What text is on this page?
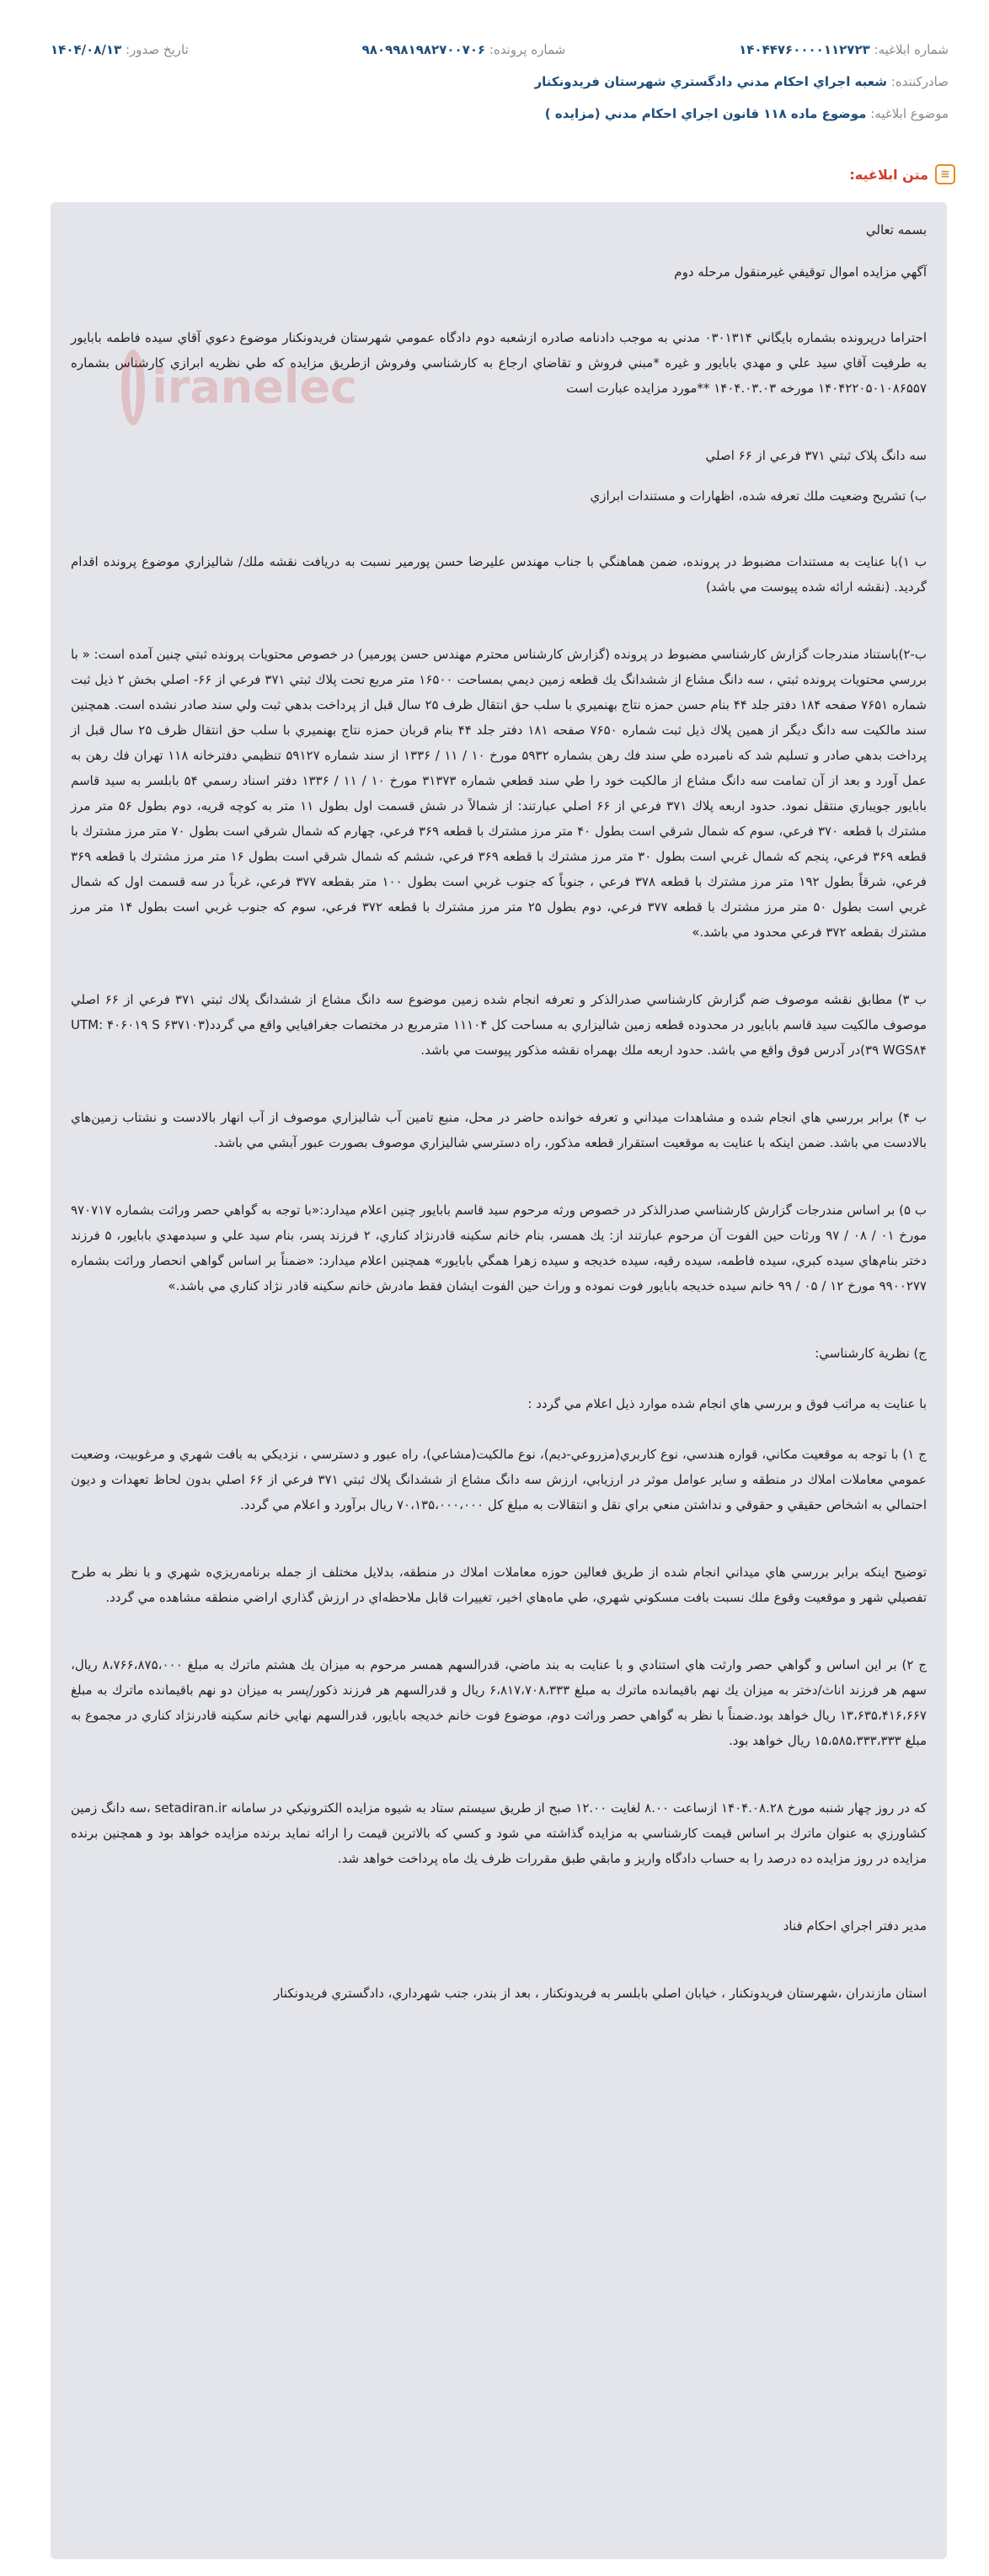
شماره ابلاغيه: ۱۴۰۴۴۷۶۰۰۰۰۱۱۲۷۲۳
شماره پرونده: ۹۸۰۹۹۸۱۹۸۲۷۰۰۷۰۶
تاريخ صدور: ۱۴۰۴/۰۸/۱۳
صادرکننده:

شعبه اجراي احکام مدني دادگستري شهرستان فريدونكنار
موضوع ابلاغيه:

موضوع ماده ۱۱۸ قانون اجراي احکام مدني (مزايده )
≡
متن ابلاغيه:
iranelec

بسمه تعالي

آگهي مزايده اموال توقيفي غيرمنقول مرحله دوم

احتراما درپرونده بشماره بايگاني ۰۳۰۱۳۱۴ مدني به موجب دادنامه صادره ازشعبه دوم دادگاه عمومي شهرستان فريدونكنار موضوع دعوي آقاي سيده فاطمه بابايور به طرفيت آقاي سيد علي و مهدي بابايور و غيره *مبني فروش و تقاضاي ارجاع به کارشناسي وفروش ازطريق مزايده که طي نظريه ابرازي کارشناس بشماره ۱۴۰۴۲۲۰۵۰۱۰۸۶۵۵۷ مورخه ۱۴۰۴.۰۳.۰۳ **مورد مزايده عبارت است

سه دانگ پلاک ثبتي ۳۷۱ فرعي از ۶۶ اصلي

ب) تشريح وضعيت ملك تعرفه شده، اظهارات و مستندات ابرازي

ب ۱)با عنايت به مستندات مضبوط در پرونده، ضمن هماهنگي با جناب مهندس عليرضا حسن پورمير نسبت به دريافت نقشه ملك/ شاليزاري موضوع پرونده اقدام گرديد. (نقشه ارائه شده پيوست مي باشد)

ب-۲)باستناد مندرجات گزارش کارشناسي مضبوط در پرونده (گزارش کارشناس محترم مهندس حسن پورمير) در خصوص محتويات پرونده ثبتي چنين آمده است: « با بررسي محتويات پرونده ثبتي ، سه دانگ مشاع از ششدانگ يك قطعه زمين ديمي بمساحت ۱۶۵۰۰ متر مربع تحت پلاك ثبتي ۳۷۱ فرعي از ۶۶- اصلي بخش ۲ ذيل ثبت شماره ۷۶۵۱ صفحه ۱۸۴ دفتر جلد ۴۴ بنام حسن حمزه نتاج بهنميري با سلب حق انتقال ظرف ۲۵ سال قبل از پرداخت بدهي ثبت ولي سند صادر نشده است. همچنين سند مالكيت سه دانگ ديگر از همين پلاك ذيل ثبت شماره ۷۶۵۰ صفحه ۱۸۱ دفتر جلد ۴۴ بنام قربان حمزه نتاج بهنميري با سلب حق انتقال ظرف ۲۵ سال قبل از پرداخت بدهي صادر و تسليم شد كه نامبرده طي سند فك رهن بشماره ۵۹۳۲ مورخ ۱۰ / ۱۱ / ۱۳۳۶ از سند شماره ۵۹۱۲۷ تنظيمي دفترخانه ۱۱۸ تهران فك رهن به عمل آورد و بعد از آن تمامت سه دانگ مشاع از مالكيت خود را طي سند قطعي شماره ۳۱۳۷۳ مورخ ۱۰ / ۱۱ / ۱۳۳۶ دفتر اسناد رسمي ۵۴ بابلسر به سيد قاسم بابايور جويباري منتقل نمود. حدود اربعه پلاك ۳۷۱ فرعي از ۶۶ اصلي عبارتند: از شمالاً در شش قسمت اول بطول ۱۱ متر به كوچه قريه، دوم بطول ۵۶ متر مرز مشترك با قطعه ۳۷۰ فرعي، سوم كه شمال شرقي است بطول ۴۰ متر مرز مشترك با قطعه ۳۶۹ فرعي، چهارم كه شمال شرقي است بطول ۷۰ متر مرز مشترك با قطعه ۳۶۹ فرعي، پنجم كه شمال غربي است بطول ۳۰ متر مرز مشترك با قطعه ۳۶۹ فرعي، ششم كه شمال شرقي است بطول ۱۶ متر مرز مشترك با قطعه ۳۶۹ فرعي، شرقاً بطول ۱۹۲ متر مرز مشترك با قطعه ۳۷۸ فرعي ، جنوباً كه جنوب غربي است بطول ۱۰۰ متر بقطعه ۳۷۷ فرعي، غرباً در سه قسمت اول كه شمال غربي است بطول ۵۰ متر مرز مشترك با قطعه ۳۷۷ فرعي، دوم بطول ۲۵ متر مرز مشترك با قطعه ۳۷۲ فرعي، سوم كه جنوب غربي است بطول ۱۴ متر مرز مشترك بقطعه ۳۷۲ فرعي محدود مي باشد.»

ب ۳) مطابق نقشه موصوف ضم گزارش كارشناسي صدرالذكر و تعرفه انجام شده زمين موضوع سه دانگ مشاع از ششدانگ پلاك ثبتي ۳۷۱ فرعي از ۶۶ اصلي موصوف مالكيت سيد قاسم بابايور در محدوده قطعه زمين شاليزاري به مساحت كل ۱۱۱۰۴ مترمربع در مختصات جغرافيايي واقع مي گردد(UTM: ۴۰۶۰۱۹ S ۶۳۷۱۰۳ ۳۹ WGS۸۴)در آدرس فوق واقع مي باشد. حدود اربعه ملك بهمراه نقشه مذكور پيوست مي باشد.

ب ۴) برابر بررسي هاي انجام شده و مشاهدات ميداني و تعرفه خوانده حاضر در محل، منبع تامين آب شاليزاري موصوف از آب انهار بالادست و نشتاب زمين‌هاي بالادست مي باشد. ضمن اينكه با عنايت به موقعيت استقرار قطعه مذكور، راه دسترسي شاليزاري موصوف بصورت عبور آبشي مي باشد.

ب ۵) بر اساس مندرجات گزارش كارشناسي صدرالذكر در خصوص ورثه مرحوم سيد قاسم بابايور چنين اعلام ميدارد:«با توجه به گواهي حصر وراثت بشماره ۹۷۰۷۱۷ مورخ ۰۱ / ۰۸ / ۹۷ ورثات حين الفوت آن مرحوم عبارتند از: يك همسر، بنام خانم سکينه قادرنژاد كناري، ۲ فرزند پسر، بنام سيد علي و سيدمهدي بابايور، ۵ فرزند دختر بنام‌هاي سيده کبري، سيده فاطمه، سيده رقيه، سيده خديجه و سيده زهرا همگي بابايور» همچنين اعلام ميدارد: «ضمناً بر اساس گواهي انحصار وراثت بشماره ۹۹۰۰۲۷۷ مورخ ۱۲ / ۰۵ / ۹۹ خانم سيده خديجه بابايور فوت نموده و وراث حين الفوت ايشان فقط مادرش خانم سکينه قادر نژاد كناري مي باشد.»

ج) نظرية كارشناسي:

با عنايت به مراتب فوق و بررسي هاي انجام شده موارد ذيل اعلام مي گردد :

ج ۱) با توجه به موقعيت مكاني، قواره هندسي، نوع كاربري(مزروعي-ديم)، نوع مالكيت(مشاعي)، راه عبور و دسترسي ، نزديكي به بافت شهري و مرغوبيت، وضعيت عمومي معاملات املاك در منطقه و ساير عوامل موثر در ارزيابي، ارزش سه دانگ مشاع از ششدانگ پلاك ثبتي ۳۷۱ فرعي از ۶۶ اصلي بدون لحاظ تعهدات و ديون احتمالي به اشخاص حقيقي و حقوقي و نداشتن منعي براي نقل و انتقالات به مبلغ كل ۷۰،۱۳۵،۰۰۰،۰۰۰ ريال برآورد و اعلام مي گردد.

توضيح اينكه برابر بررسي هاي ميداني انجام شده از طريق فعالين حوزه معاملات املاك در منطقه، بدلايل مختلف از جمله برنامه‌ريزي‌ه شهري و با نظر به طرح تفصيلي شهر و موقعيت وقوع ملك نسبت بافت مسكوني شهري، طي ماه‌هاي اخير، تغييرات قابل ملاحظه‌اي در ارزش گذاري اراضي منطقه مشاهده مي گردد.

ج ۲) بر اين اساس و گواهي حصر وارثت هاي استنادي و با عنايت به بند ماضي، قدرالسهم همسر مرحوم به ميزان يك هشتم ماترك به مبلغ ۸،۷۶۶،۸۷۵،۰۰۰ ريال، سهم هر فرزند اناث/دختر به ميزان يك نهم باقيمانده ماترك به مبلغ ۶،۸۱۷،۷۰۸،۳۳۳ ريال و قدرالسهم هر فرزند ذكور/پسر به ميزان دو نهم باقيمانده ماترك به مبلغ ۱۳،۶۳۵،۴۱۶،۶۶۷ ريال خواهد بود.ضمناً با نظر به گواهي حصر وراثت دوم، موضوع فوت خانم خديجه بابايور، قدرالسهم نهايي خانم سكينه قادرنژاد كناري در مجموع به مبلغ ۱۵،۵۸۵،۳۳۳،۳۳۳ ريال خواهد بود.

كه در روز چهار شنبه مورخ ۱۴۰۴.۰۸.۲۸ ازساعت ۸.۰۰ لغايت ۱۲.۰۰ صبح از طريق سيستم ستاد به شيوه مزايده الكترونيكي در سامانه setadiran.ir ،سه دانگ زمين كشاورزي به عنوان ماترك بر اساس قيمت كارشناسي به مزايده گذاشته مي شود و كسي كه بالاترين قيمت را ارائه نمايد برنده مزايده خواهد بود و همچنين برنده مزايده در روز مزايده ده درصد را به حساب دادگاه واريز و مابقي طبق مقررات ظرف يك ماه پرداخت خواهد شد.

مدير دفتر اجراي احكام فناد

استان مازندران ،شهرستان فريدونكنار ، خيابان اصلي بابلسر به فريدونكنار ، بعد از بندر، جنب شهرداري، دادگستري فريدونكنار
